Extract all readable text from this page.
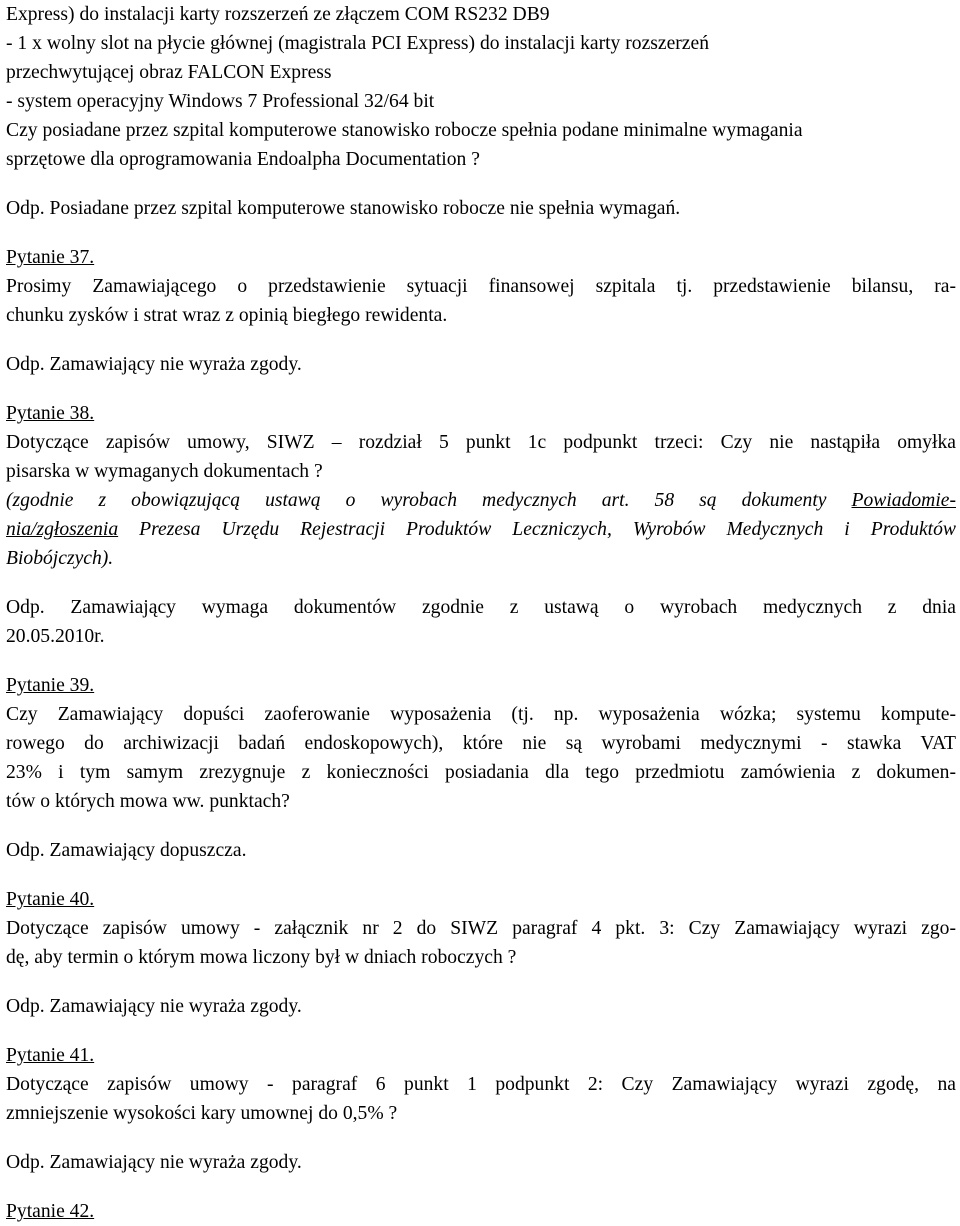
Express) do instalacji karty rozszerzeń ze złączem COM RS232 DB9

- 1 x wolny slot na płycie głównej (magistrala PCI Express) do instalacji karty rozszerzeń

przechwytującej obraz FALCON Express

- system operacyjny Windows 7 Professional 32/64 bit

Czy posiadane przez szpital komputerowe stanowisko robocze spełnia podane minimalne wymagania

sprzętowe dla oprogramowania Endoalpha Documentation ?

Odp. Posiadane przez szpital komputerowe stanowisko robocze nie spełnia wymagań.

Pytanie 37.

Prosimy Zamawiającego o przedstawienie sytuacji finansowej szpitala tj. przedstawienie bilansu, ra-

chunku zysków i strat wraz z opinią biegłego rewidenta.

Odp. Zamawiający nie wyraża zgody.

Pytanie 38.

Dotyczące zapisów umowy, SIWZ – rozdział 5 punkt 1c podpunkt trzeci: Czy nie nastąpiła omyłka

pisarska w wymaganych dokumentach ?

(zgodnie z obowiązującą ustawą o wyrobach medycznych art. 58 są dokumenty Powiadomie-

nia/zgłoszenia Prezesa Urzędu Rejestracji Produktów Leczniczych, Wyrobów Medycznych i Produktów

Biobójczych).

Odp. Zamawiający wymaga dokumentów zgodnie z ustawą o wyrobach medycznych z dnia

20.05.2010r.

Pytanie 39.

Czy Zamawiający dopuści zaoferowanie wyposażenia (tj. np. wyposażenia wózka; systemu kompute-

rowego do archiwizacji badań endoskopowych), które nie są wyrobami medycznymi - stawka VAT

23% i tym samym zrezygnuje z konieczności posiadania dla tego przedmiotu zamówienia z dokumen-

tów o których mowa ww. punktach?

Odp. Zamawiający dopuszcza.

Pytanie 40.

Dotyczące zapisów umowy - załącznik nr 2 do SIWZ paragraf 4 pkt. 3: Czy Zamawiający wyrazi zgo-

dę, aby termin o którym mowa liczony był w dniach roboczych ?

Odp. Zamawiający nie wyraża zgody.

Pytanie 41.

Dotyczące zapisów umowy - paragraf 6 punkt 1 podpunkt 2: Czy Zamawiający wyrazi zgodę, na

zmniejszenie wysokości kary umownej do 0,5% ?

Odp. Zamawiający nie wyraża zgody.

Pytanie 42.
